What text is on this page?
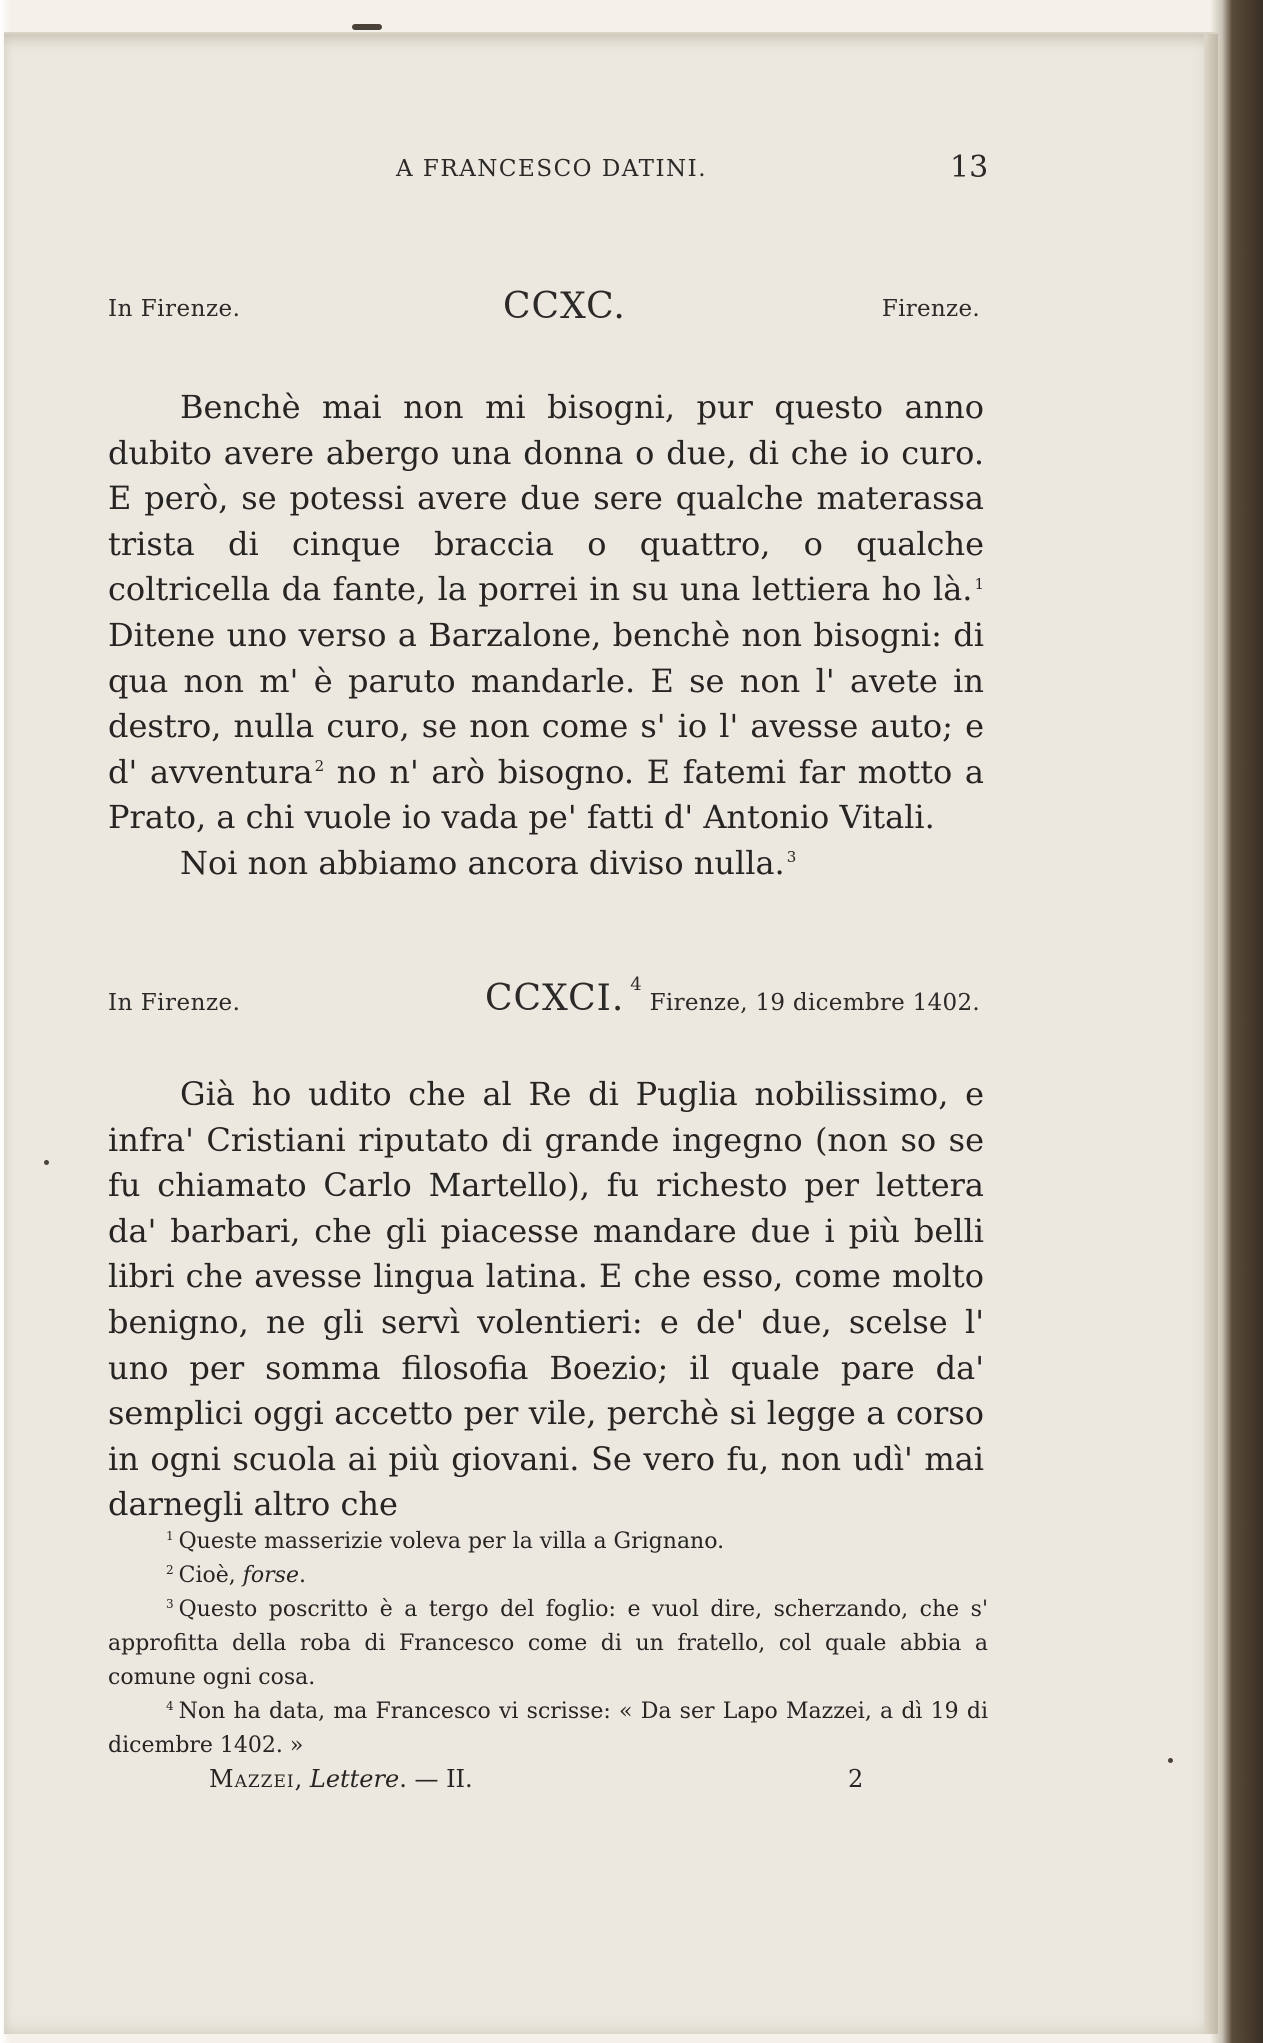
A FRANCESCO DATINI.	13
In Firenze.	CCXC.	Firenze.

Benchè mai non mi bisogni, pur questo anno dubito avere abergo una donna o due, di che io curo. E però, se potessi avere due sere qualche materassa trista di cinque braccia o quattro, o qualche coltricella da fante, la porrei in su una lettiera ho là. $^1$ Ditene uno verso a Barzalone, benchè non bisogni: di qua non m' è paruto mandarle. E se non l' avete in destro, nulla curo, se non come s' io l' avesse auto; e d' avventura $^2$ no n' arò bisogno. E fatemi far motto a Prato, a chi vuole io vada pe' fatti d' Antonio Vitali.

Noi non abbiamo ancora diviso nulla. $^3$

In Firenze.	CCXCI. $^4$
Firenze, 19 dicembre 1402.

Già ho udito che al Re di Puglia nobilissimo, e infra' Cristiani riputato di grande ingegno (non so se fu chiamato Carlo Martello), fu richesto per lettera da' barbari, che gli piacesse mandare due i più belli libri che avesse lingua latina. E che esso, come molto benigno, ne gli servì volentieri: e de' due, scelse l' uno per somma filosofia Boezio; il quale pare da' semplici oggi accetto per vile, perchè si legge a corso in ogni scuola ai più giovani. Se vero fu, non udì' mai darnegli altro che

$^1$ Queste masserizie voleva per la villa a Grignano.

$^2$ Cioè, forse.

$^3$ Questo poscritto è a tergo del foglio: e vuol dire, scherzando, che s' approfitta della roba di Francesco come di un fratello, col quale abbia a comune ogni cosa.

$^4$ Non ha data, ma Francesco vi scrisse: « Da ser Lapo Mazzei, a dì 19 di dicembre 1402. »

Mazzei, Lettere. — II.	2
